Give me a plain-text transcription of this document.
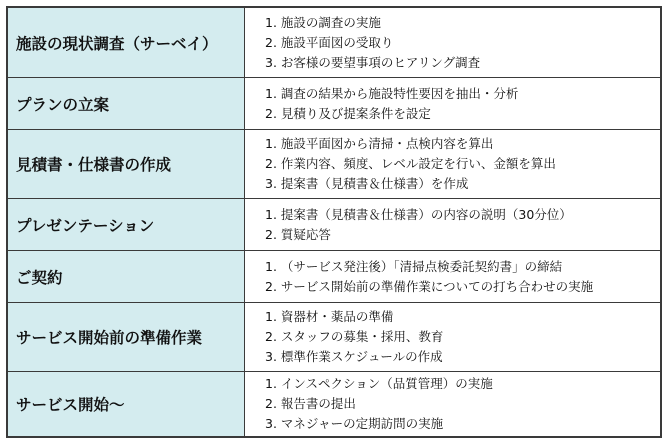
施設の現状調査（サーベイ）
1. 施設の調査の実施
2. 施設平面図の受取り
3. お客様の要望事項のヒアリング調査
プランの立案
1. 調査の結果から施設特性要因を抽出・分析
2. 見積り及び提案条件を設定
見積書・仕様書の作成
1. 施設平面図から清掃・点検内容を算出
2. 作業内容、頻度、レベル設定を行い、金額を算出
3. 提案書（見積書＆仕様書）を作成
プレゼンテーション
1. 提案書（見積書＆仕様書）の内容の説明（30分位）
2. 質疑応答
ご契約
1. （サービス発注後）「清掃点検委託契約書」の締結
2. サービス開始前の準備作業についての打ち合わせの実施
サービス開始前の準備作業
1. 資器材・薬品の準備
2. スタッフの募集・採用、教育
3. 標準作業スケジュールの作成
サービス開始～
1. インスペクション（品質管理）の実施
2. 報告書の提出
3. マネジャーの定期訪問の実施
